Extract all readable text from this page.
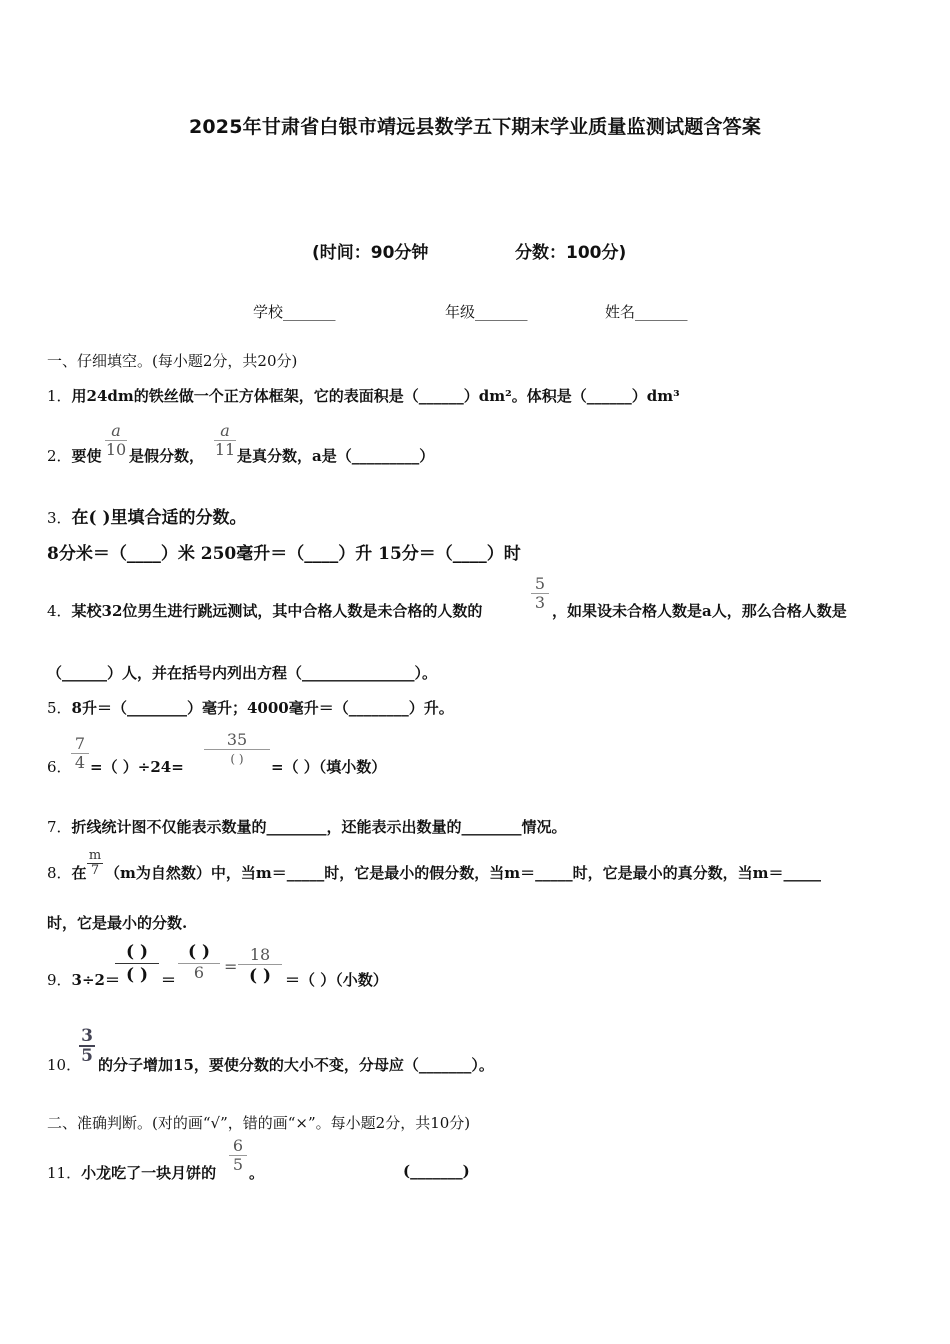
2025年甘肃省白银市靖远县数学五下期末学业质量监测试题含答案
(时间：90分钟	分数：100分)
学校_______	年级_______	姓名_______
一、仔细填空。(每小题2分，共20分)
1．用24dm的铁丝做一个正方体框架，它的表面积是（______）dm²。体积是（______）dm³
2．要使
a
10 是假分数，
a
11 是真分数，a是（_________）
3．在( )里填合适的分数。
8分米＝（____）米 250毫升＝（____）升 15分＝（____）时
4．某校32位男生进行跳远测试，其中合格人数是未合格的人数的
5
3 ，如果设未合格人数是a人，那么合格人数是
（______）人，并在括号内列出方程（_______________）。
5．8升＝（________）毫升；4000毫升＝（________）升。
6．
7
4 =（ ）÷24=
35
( )	=（ ）（填小数）
7．折线统计图不仅能表示数量的________，还能表示出数量的________情况。
8．在
m
7 （m为自然数）中，当m＝_____时，它是最小的假分数，当m＝_____时，它是最小的真分数，当m＝_____
时，它是最小的分数.
9．3÷2＝
( )
( ) ＝
( )
6	=
18
( ) ＝（ ）（小数）
10．
3
5 的分子增加15，要使分数的大小不变，分母应（_______）。
二、准确判断。(对的画“√”，错的画“×”。每小题2分，共10分)
11．小龙吃了一块月饼的
6
5 。	(_______)
